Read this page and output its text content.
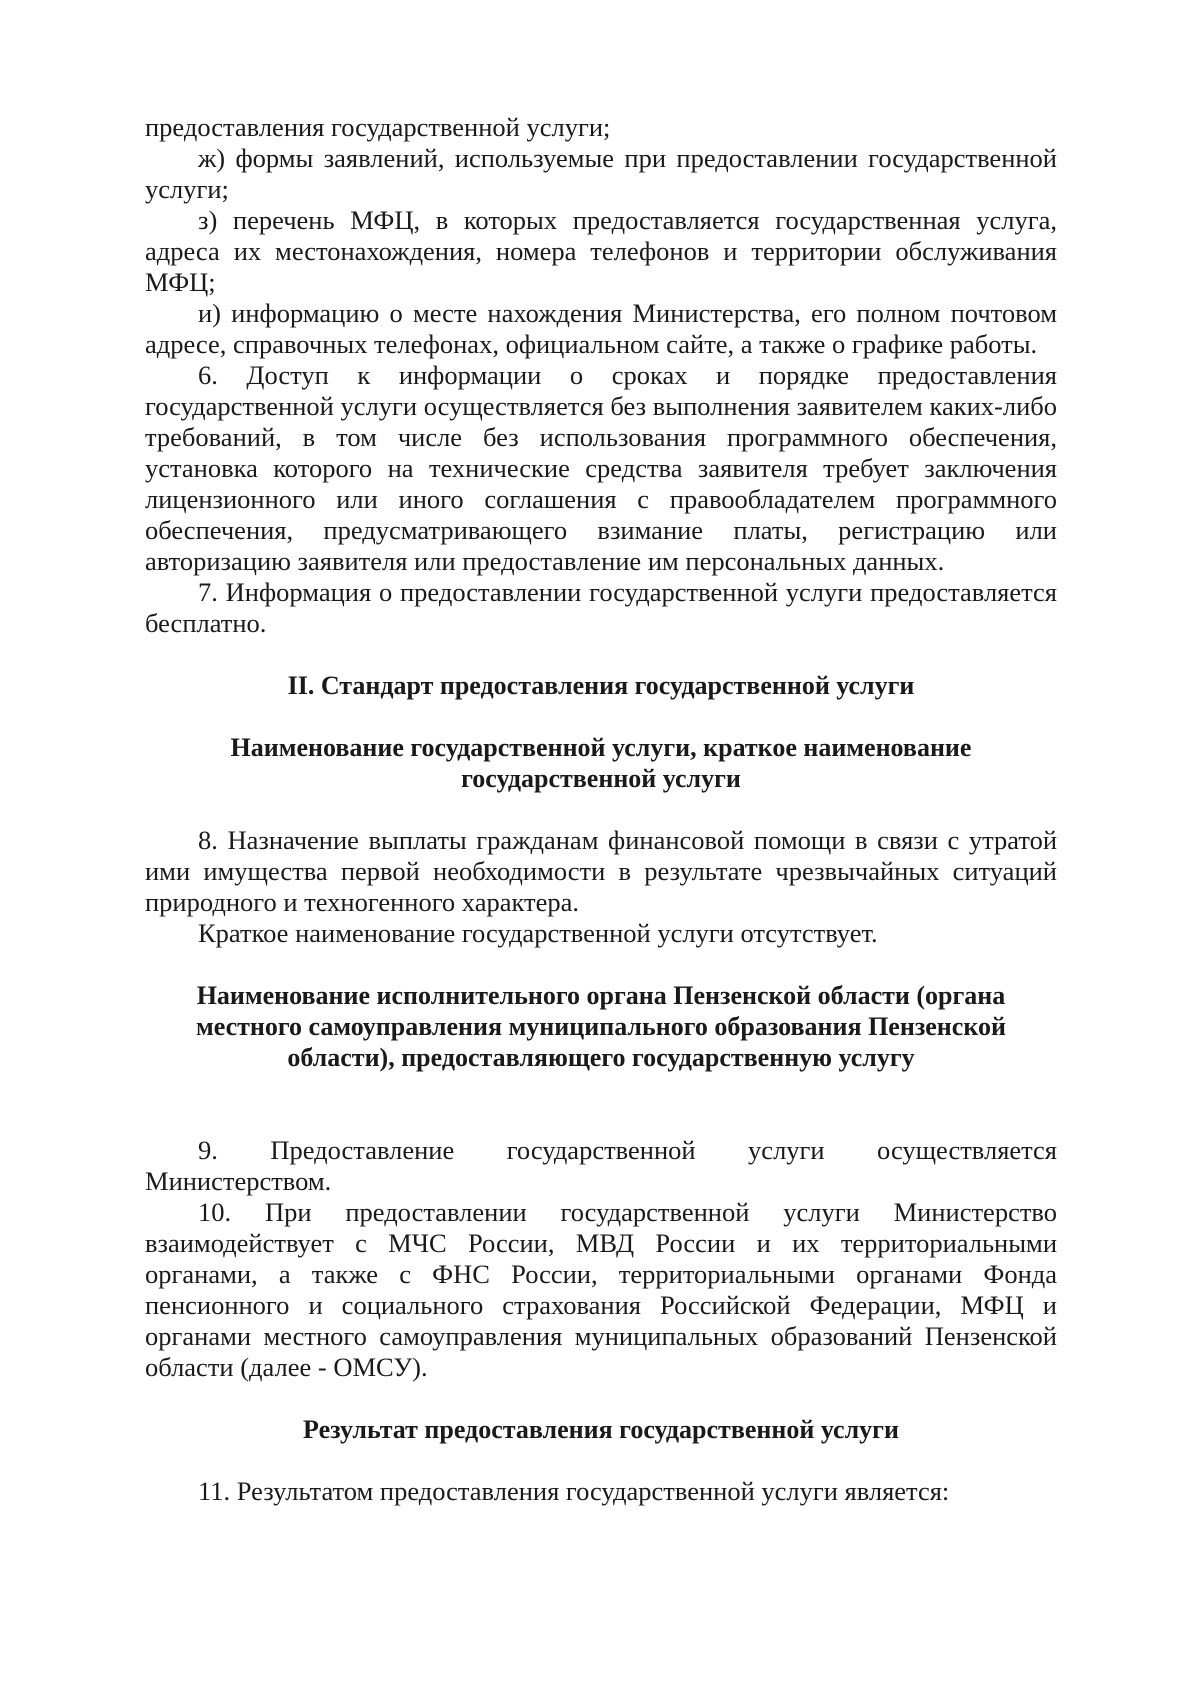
предоставления государственной услуги;

ж) формы заявлений, используемые при предоставлении государственной услуги;

з) перечень МФЦ, в которых предоставляется государственная услуга, адреса их местонахождения, номера телефонов и территории обслуживания МФЦ;

и) информацию о месте нахождения Министерства, его полном почтовом адресе, справочных телефонах, официальном сайте, а также о графике работы.

6. Доступ к информации о сроках и порядке предоставления государственной услуги осуществляется без выполнения заявителем каких-либо требований, в том числе без использования программного обеспечения, установка которого на технические средства заявителя требует заключения лицензионного или иного соглашения с правообладателем программного обеспечения, предусматривающего взимание платы, регистрацию или авторизацию заявителя или предоставление им персональных данных.

7. Информация о предоставлении государственной услуги предоставляется бесплатно.

II. Стандарт предоставления государственной услуги
Наименование государственной услуги, краткое наименование государственной услуги

8. Назначение выплаты гражданам финансовой помощи в связи с утратой ими имущества первой необходимости в результате чрезвычайных ситуаций природного и техногенного характера.

Краткое наименование государственной услуги отсутствует.

Наименование исполнительного органа Пензенской области (органа местного самоуправления муниципального образования Пензенской области), предоставляющего государственную услугу

9. Предоставление государственной услуги осуществляется Министерством.

10. При предоставлении государственной услуги Министерство взаимодействует с МЧС России, МВД России и их территориальными органами, а также с ФНС России, территориальными органами Фонда пенсионного и социального страхования Российской Федерации, МФЦ и органами местного самоуправления муниципальных образований Пензенской области (далее - ОМСУ).

Результат предоставления государственной услуги

11. Результатом предоставления государственной услуги является:
